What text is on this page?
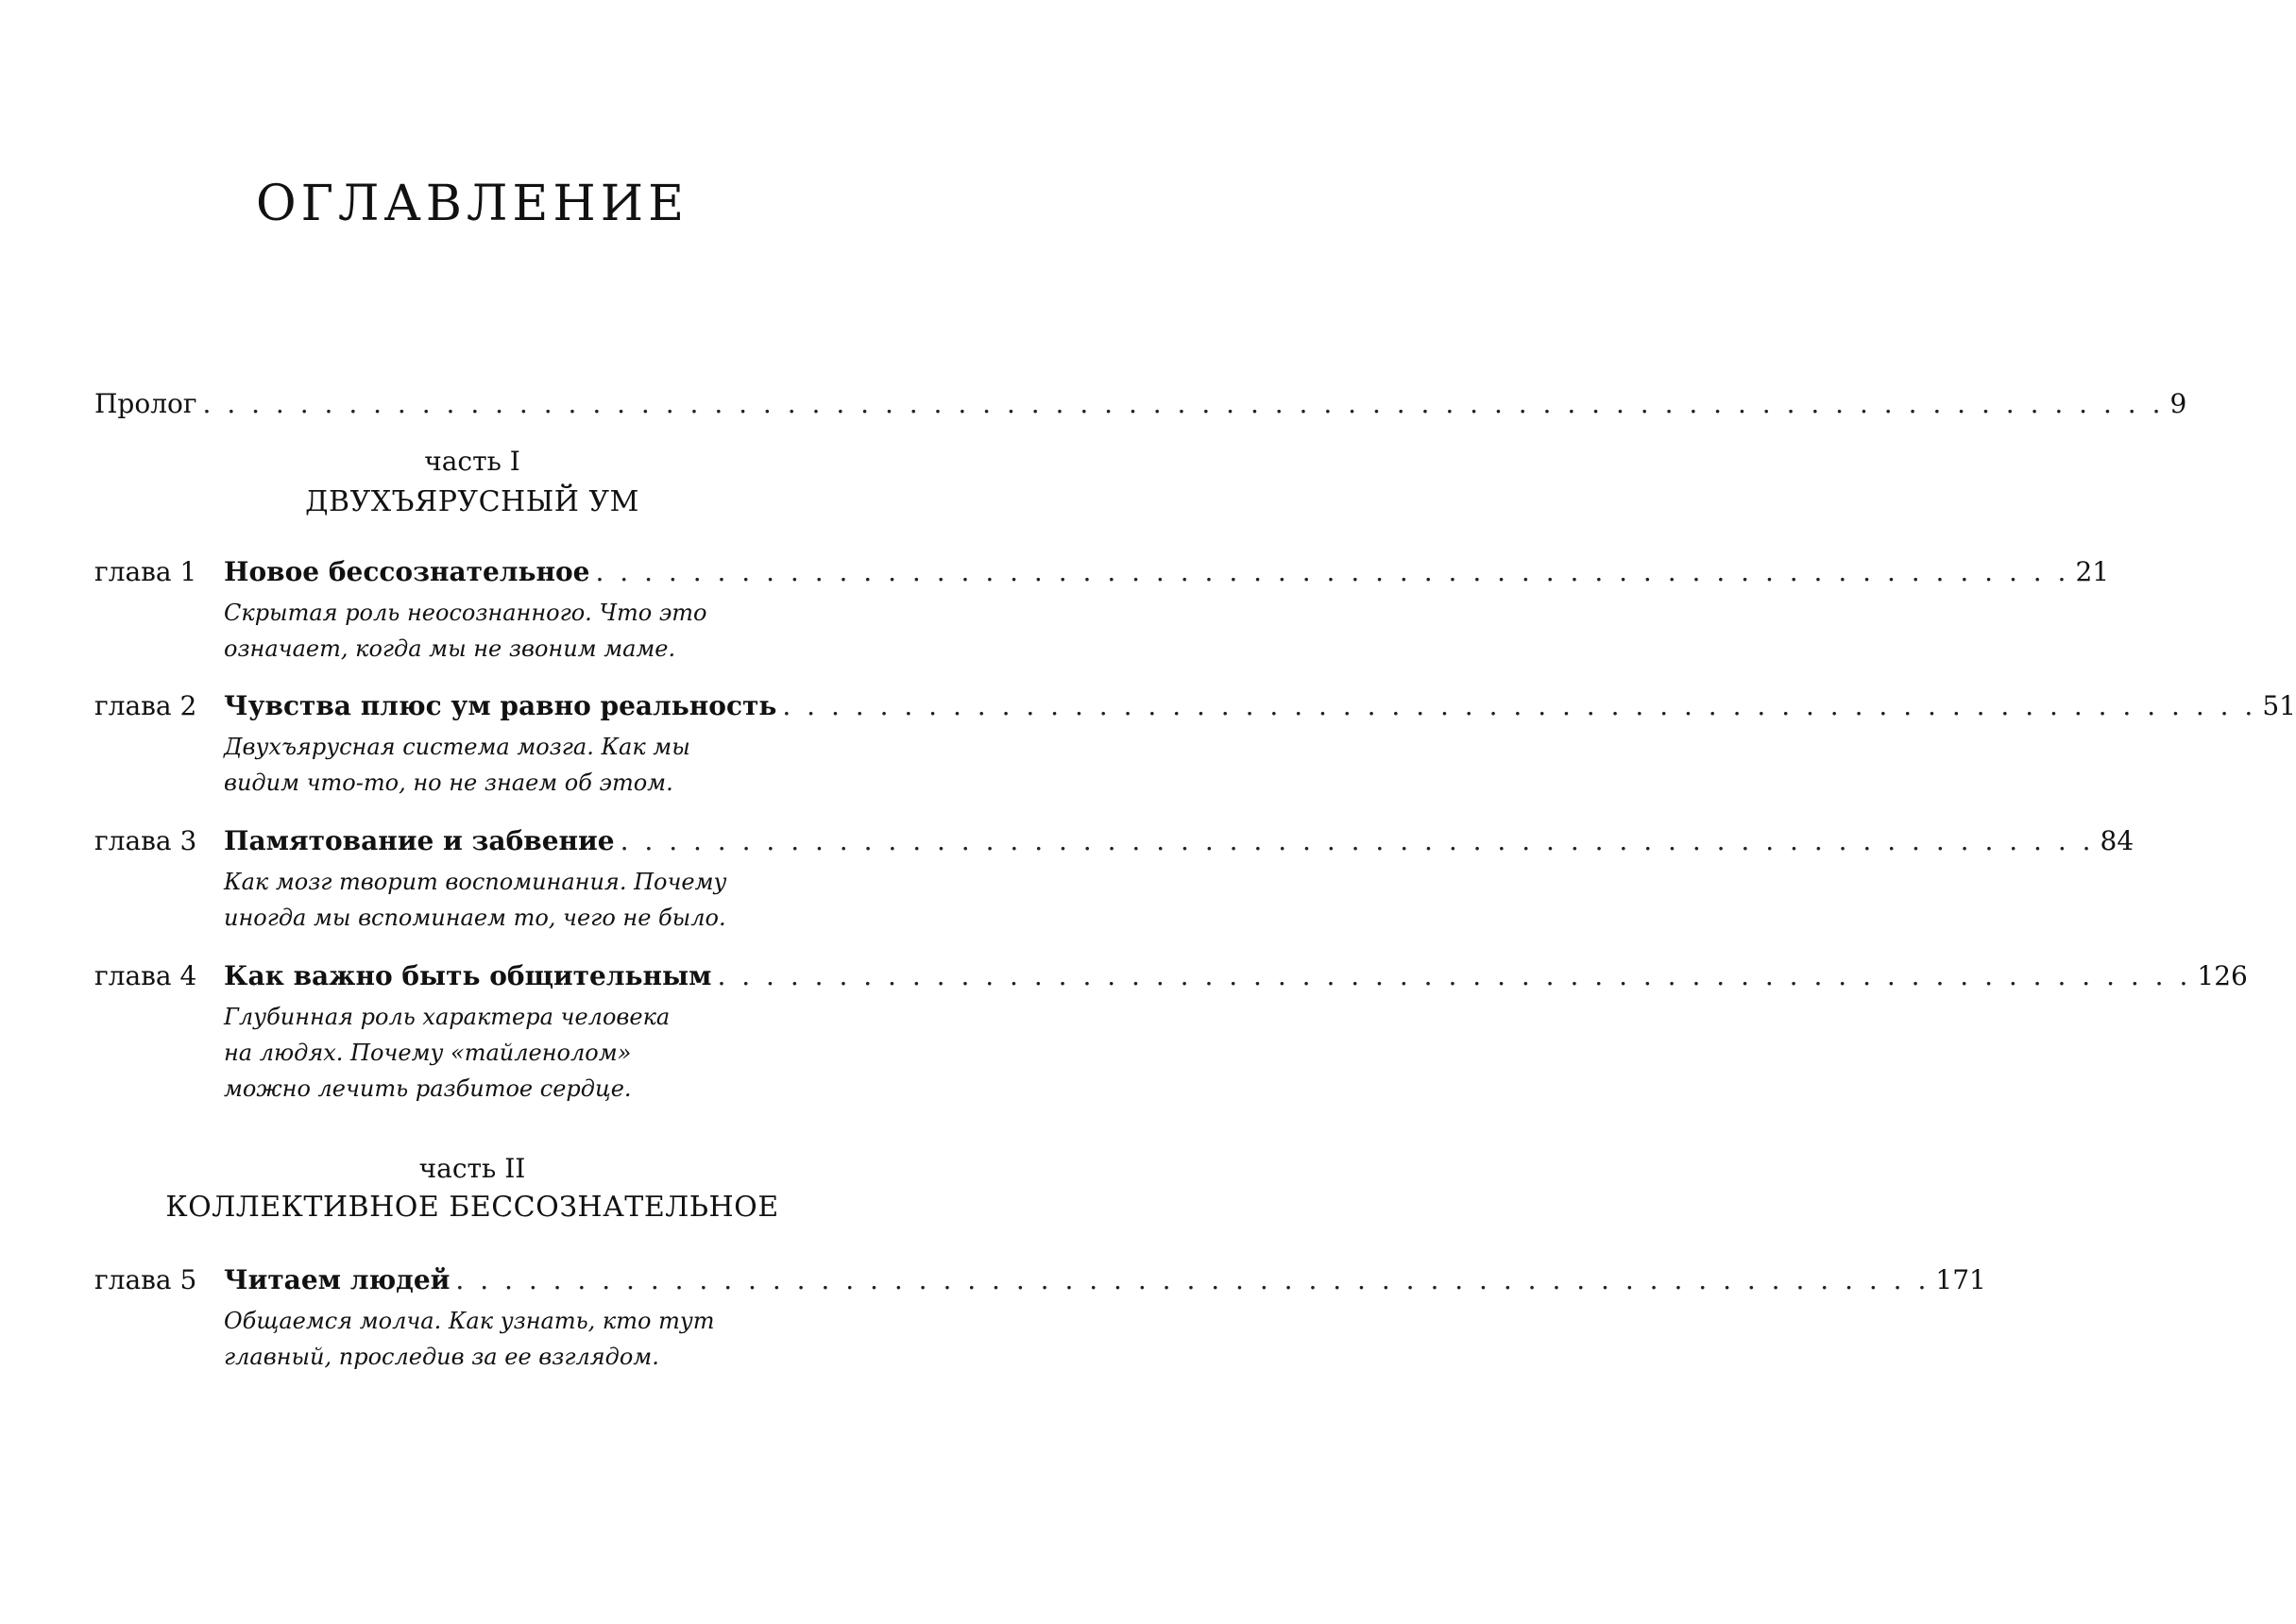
ОГЛАВЛЕНИЕ
Пролог . . . . . . . . . . . . . . . . . . . . . . . . . . . . . . . . . . . . . . . . . . . . . . . . . . . . . . . . . . . . . . . . . . . . . . . . . . . . . . . . . 9
часть I
ДВУХЪЯРУСНЫЙ УМ
глава 1 Новое бессознательное . . . . . . . . . . . . . . . . . . . . . . . . . . . . . . . . . . . . . . . . . . . . . . . . . . . . . . . . . . . . . 21
Скрытая роль неосознанного. Что это
означает, когда мы не звоним маме.
глава 2 Чувства плюс ум равно реальность . . . . . . . . . . . . . . . . . . . . . . . . . . . . . . . . . . . . . . . . . . . . . . . . . . . . . . . . . . . . . 51
Двухъярусная система мозга. Как мы
видим что-то, но не знаем об этом.
глава 3 Памятование и забвение . . . . . . . . . . . . . . . . . . . . . . . . . . . . . . . . . . . . . . . . . . . . . . . . . . . . . . . . . . . . . 84
Как мозг творит воспоминания. Почему
иногда мы вспоминаем то, чего не было.
глава 4 Как важно быть общительным . . . . . . . . . . . . . . . . . . . . . . . . . . . . . . . . . . . . . . . . . . . . . . . . . . . . . . . . . . . . . 126
Глубинная роль характера человека
на людях. Почему «тайленолом»
можно лечить разбитое сердце.
часть II
КОЛЛЕКТИВНОЕ БЕССОЗНАТЕЛЬНОЕ
глава 5 Читаем людей . . . . . . . . . . . . . . . . . . . . . . . . . . . . . . . . . . . . . . . . . . . . . . . . . . . . . . . . . . . . . 171
Общаемся молча. Как узнать, кто тут
главный, проследив за ее взглядом.
